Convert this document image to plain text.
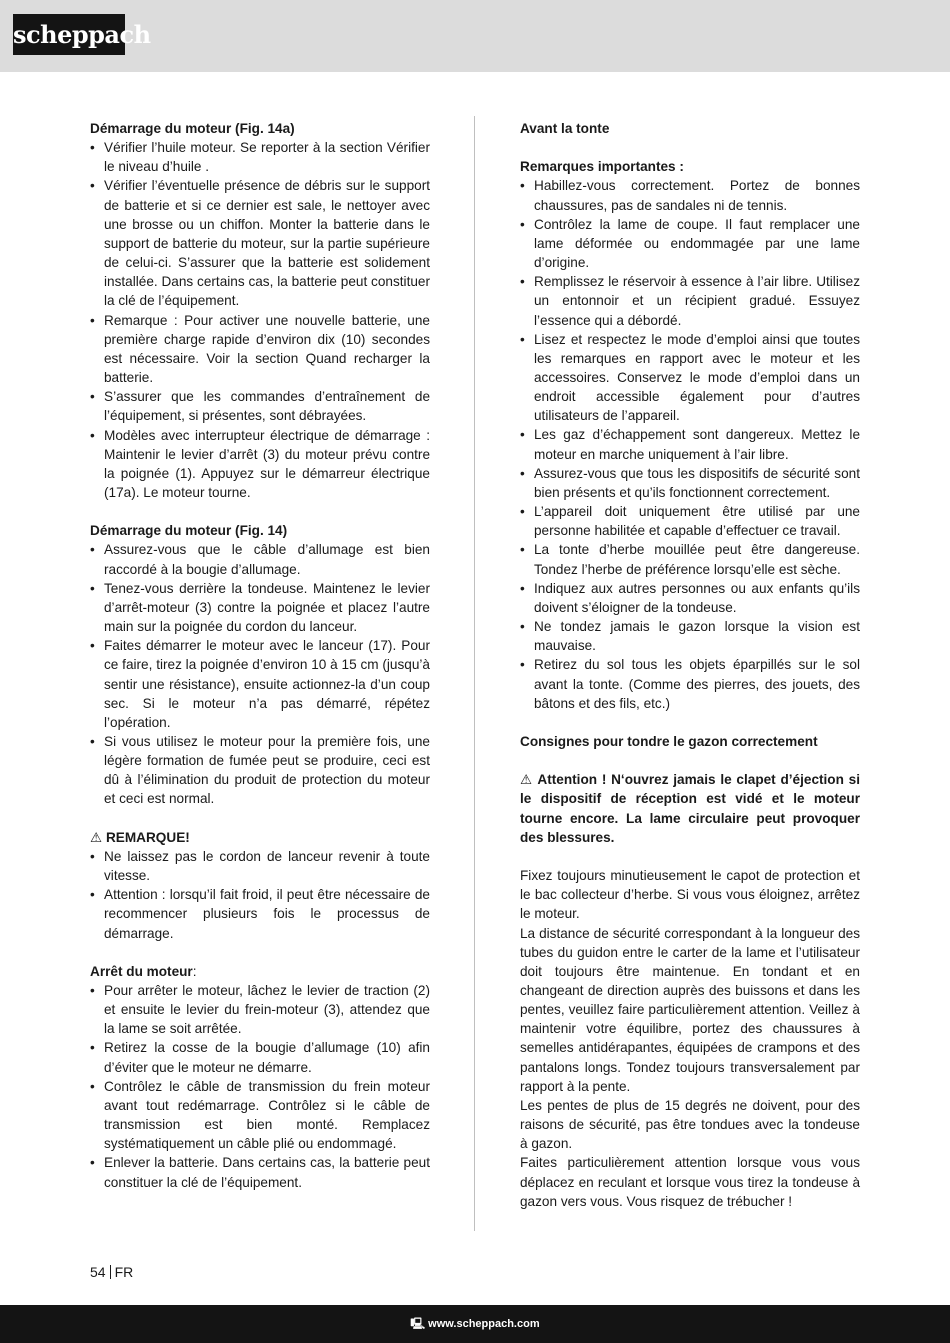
scheppach
Démarrage du moteur (Fig. 14a)
• Vérifier l’huile moteur. Se reporter à la section Vérifier le niveau d’huile .
• Vérifier l’éventuelle présence de débris sur le support de batterie et si ce dernier est sale, le nettoyer avec une brosse ou un chiffon. Monter la batterie dans le support de batterie du moteur, sur la partie supérieure de celui-ci. S’assurer que la batterie est solidement installée. Dans certains cas, la batterie peut constituer la clé de l’équipement.
• Remarque : Pour activer une nouvelle batterie, une première charge rapide d’environ dix (10) secondes est nécessaire. Voir la section Quand recharger la batterie.
• S’assurer que les commandes d’entraînement de l’équipement, si présentes, sont débrayées.
• Modèles avec interrupteur électrique de démarrage : Maintenir le levier d’arrêt (3) du moteur prévu contre la poignée (1). Appuyez sur le démarreur électrique (17a). Le moteur tourne.
Démarrage du moteur (Fig. 14)
• Assurez-vous que le câble d’allumage est bien raccordé à la bougie d’allumage.
• Tenez-vous derrière la tondeuse. Maintenez le levier d’arrêt-moteur (3) contre la poignée et placez l’autre main sur la poignée du cordon du lanceur.
• Faites démarrer le moteur avec le lanceur (17). Pour ce faire, tirez la poignée d’environ 10 à 15 cm (jusqu’à sentir une résistance), ensuite actionnez-la d’un coup sec. Si le moteur n’a pas démarré, répétez l’opération.
• Si vous utilisez le moteur pour la première fois, une légère formation de fumée peut se produire, ceci est dû à l’élimination du produit de protection du moteur et ceci est normal.
⚠ REMARQUE!
• Ne laissez pas le cordon de lanceur revenir à toute vitesse.
• Attention : lorsqu’il fait froid, il peut être nécessaire de recommencer plusieurs fois le processus de démarrage.
Arrêt du moteur:
• Pour arrêter le moteur, lâchez le levier de traction (2) et ensuite le levier du frein-moteur (3), attendez que la lame se soit arrêtée.
• Retirez la cosse de la bougie d’allumage (10) afin d’éviter que le moteur ne démarre.
• Contrôlez le câble de transmission du frein moteur avant tout redémarrage. Contrôlez si le câble de transmission est bien monté. Remplacez systématiquement un câble plié ou endommagé.
• Enlever la batterie. Dans certains cas, la batterie peut constituer la clé de l’équipement.
Avant la tonte
Remarques importantes :
• Habillez-vous correctement. Portez de bonnes chaussures, pas de sandales ni de tennis.
• Contrôlez la lame de coupe. Il faut remplacer une lame déformée ou endommagée par une lame d’origine.
• Remplissez le réservoir à essence à l’air libre. Utilisez un entonnoir et un récipient gradué. Essuyez l’essence qui a débordé.
• Lisez et respectez le mode d’emploi ainsi que toutes les remarques en rapport avec le moteur et les accessoires. Conservez le mode d’emploi dans un endroit accessible également pour d’autres utilisateurs de l’appareil.
• Les gaz d’échappement sont dangereux. Mettez le moteur en marche uniquement à l’air libre.
• Assurez-vous que tous les dispositifs de sécurité sont bien présents et qu’ils fonctionnent correctement.
• L’appareil doit uniquement être utilisé par une personne habilitée et capable d’effectuer ce travail.
• La tonte d’herbe mouillée peut être dangereuse. Tondez l’herbe de préférence lorsqu’elle est sèche.
• Indiquez aux autres personnes ou aux enfants qu’ils doivent s’éloigner de la tondeuse.
• Ne tondez jamais le gazon lorsque la vision est mauvaise.
• Retirez du sol tous les objets éparpillés sur le sol avant la tonte. (Comme des pierres, des jouets, des bâtons et des fils, etc.)
Consignes pour tondre le gazon correctement
⚠ Attention ! N‘ouvrez jamais le clapet d’éjection si le dispositif de réception est vidé et le moteur tourne encore. La lame circulaire peut provoquer des blessures.
Fixez toujours minutieusement le capot de protection et le bac collecteur d’herbe. Si vous vous éloignez, arrêtez le moteur.
La distance de sécurité correspondant à la longueur des tubes du guidon entre le carter de la lame et l’utilisateur doit toujours être maintenue. En tondant et en changeant de direction auprès des buissons et dans les pentes, veuillez faire particulièrement attention. Veillez à maintenir votre équilibre, portez des chaussures à semelles antidérapantes, équipées de crampons et des pantalons longs. Tondez toujours transversalement par rapport à la pente.
Les pentes de plus de 15 degrés ne doivent, pour des raisons de sécurité, pas être tondues avec la tondeuse à gazon.
Faites particulièrement attention lorsque vous vous déplacez en reculant et lorsque vous tirez la tondeuse à gazon vers vous. Vous risquez de trébucher !
54 FR
🖳 www.scheppach.com
